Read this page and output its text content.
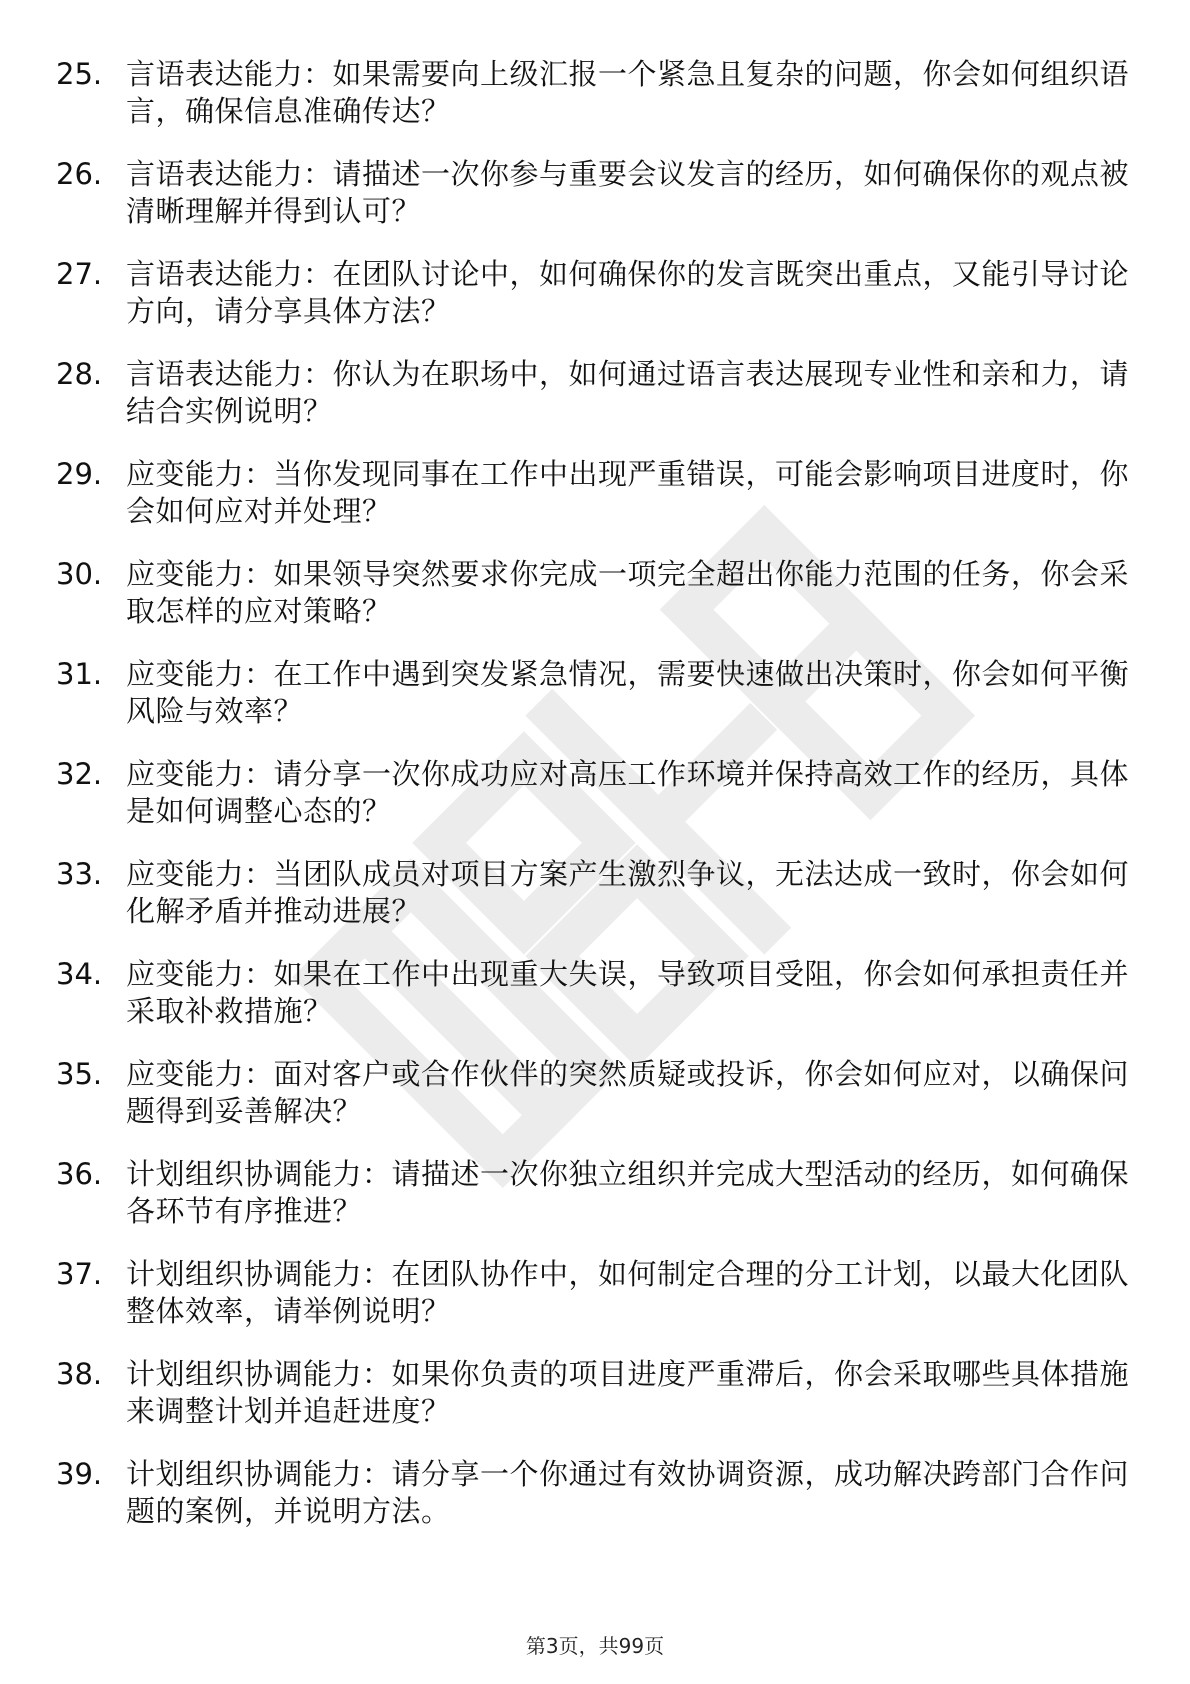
25. 言语表达能力：如果需要向上级汇报一个紧急且复杂的问题，你会如何组织语言，确保信息准确传达？
26. 言语表达能力：请描述一次你参与重要会议发言的经历，如何确保你的观点被清晰理解并得到认可？
27. 言语表达能力：在团队讨论中，如何确保你的发言既突出重点，又能引导讨论方向，请分享具体方法？
28. 言语表达能力：你认为在职场中，如何通过语言表达展现专业性和亲和力，请结合实例说明？
29. 应变能力：当你发现同事在工作中出现严重错误，可能会影响项目进度时，你会如何应对并处理？
30. 应变能力：如果领导突然要求你完成一项完全超出你能力范围的任务，你会采取怎样的应对策略？
31. 应变能力：在工作中遇到突发紧急情况，需要快速做出决策时，你会如何平衡风险与效率？
32. 应变能力：请分享一次你成功应对高压工作环境并保持高效工作的经历，具体是如何调整心态的？
33. 应变能力：当团队成员对项目方案产生激烈争议，无法达成一致时，你会如何化解矛盾并推动进展？
34. 应变能力：如果在工作中出现重大失误，导致项目受阻，你会如何承担责任并采取补救措施？
35. 应变能力：面对客户或合作伙伴的突然质疑或投诉，你会如何应对，以确保问题得到妥善解决？
36. 计划组织协调能力：请描述一次你独立组织并完成大型活动的经历，如何确保各环节有序推进？
37. 计划组织协调能力：在团队协作中，如何制定合理的分工计划，以最大化团队整体效率，请举例说明？
38. 计划组织协调能力：如果你负责的项目进度严重滞后，你会采取哪些具体措施来调整计划并追赶进度？
39. 计划组织协调能力：请分享一个你通过有效协调资源，成功解决跨部门合作问题的案例，并说明方法。
第3页，共99页
